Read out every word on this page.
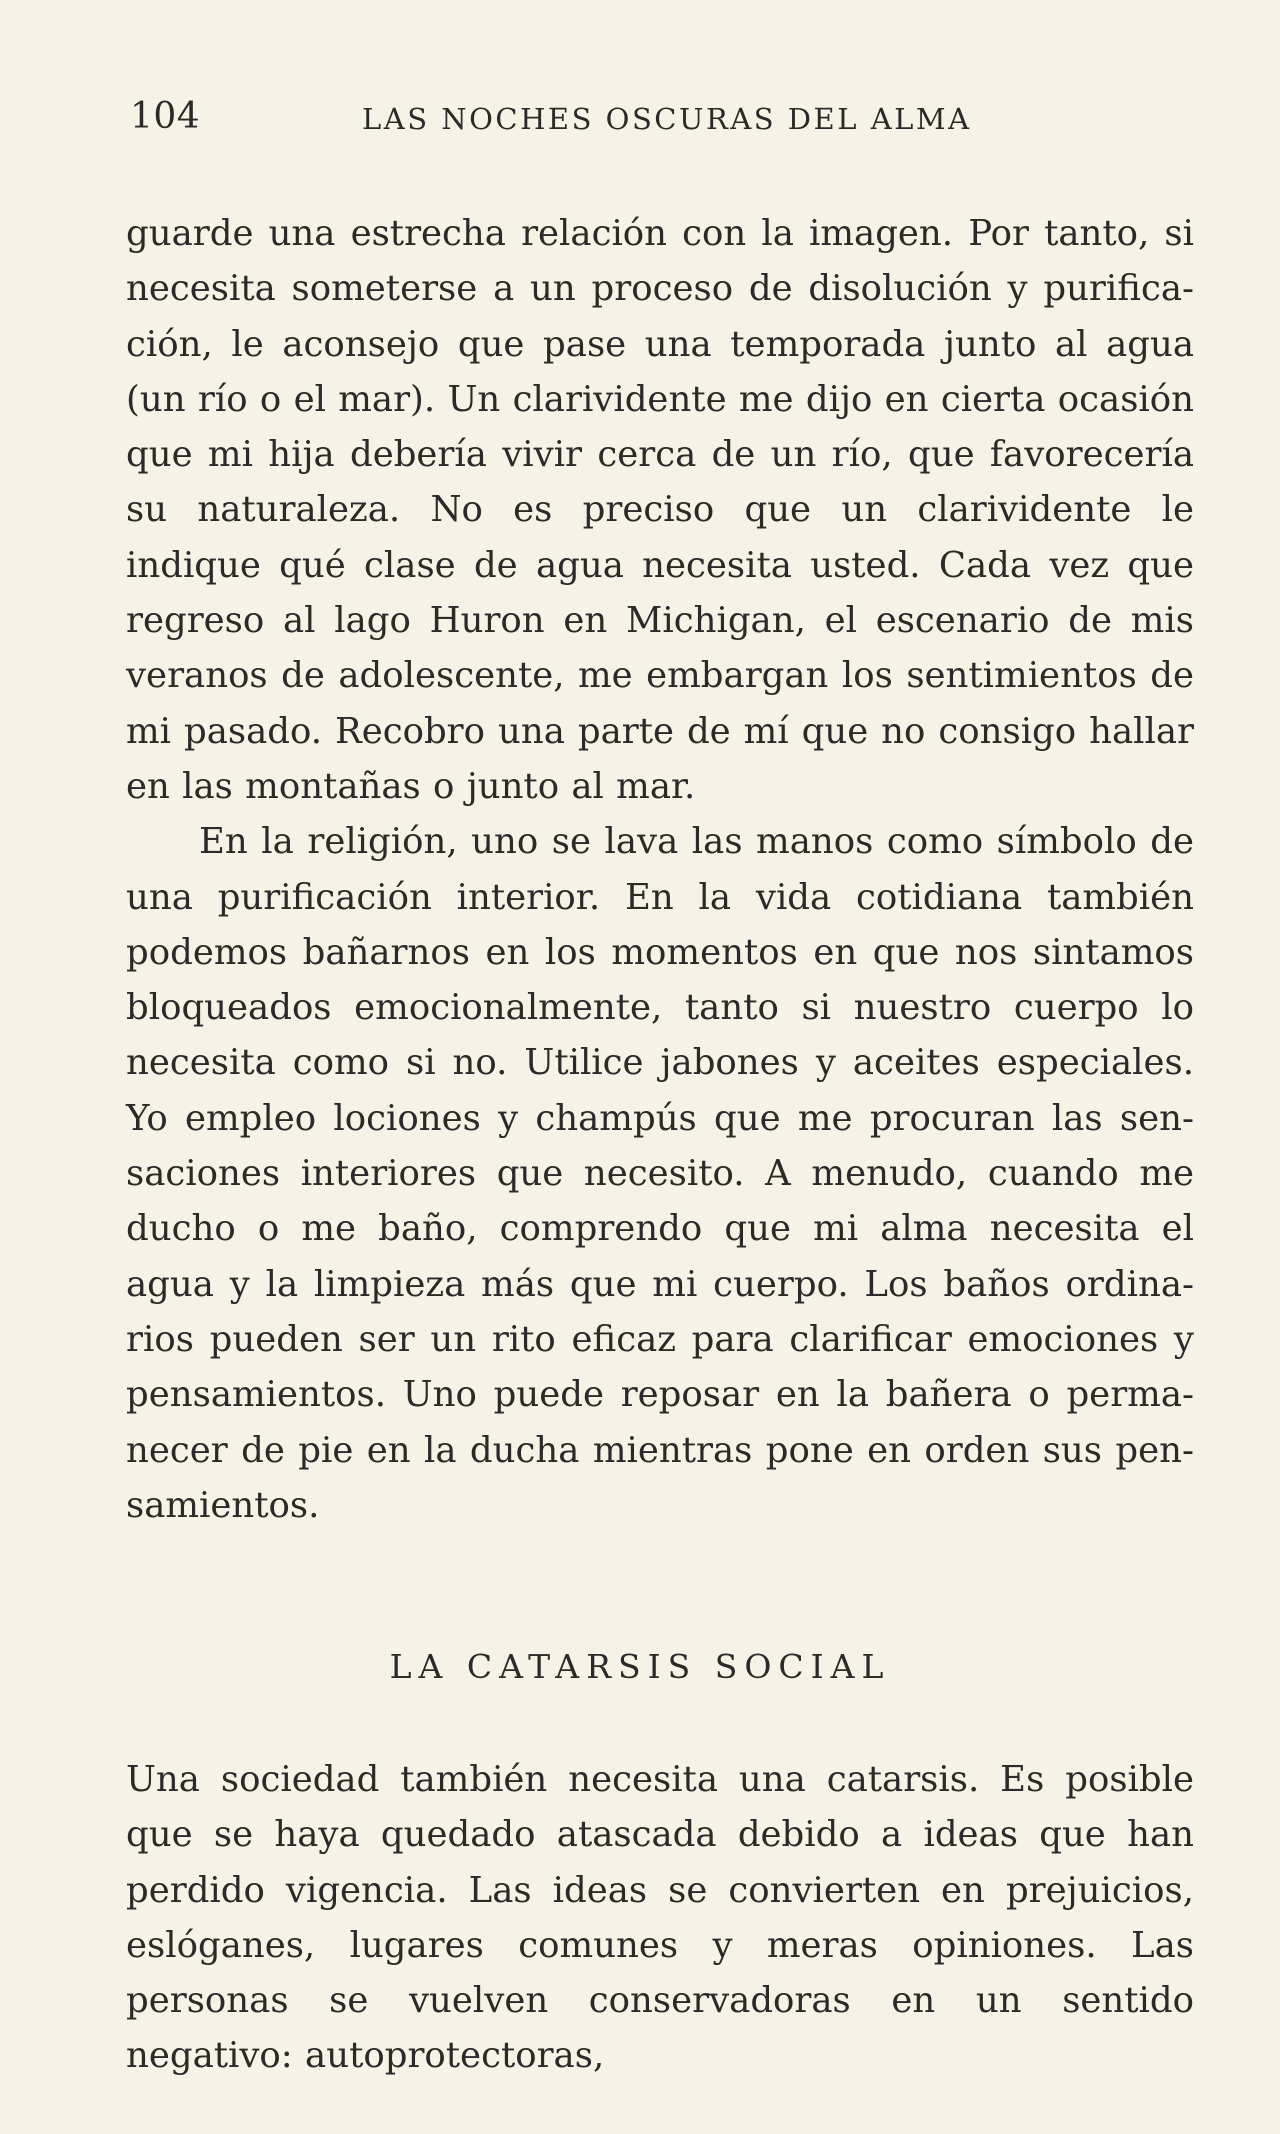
104	LAS NOCHES OSCURAS DEL ALMA

guarde una estrecha relación con la imagen. Por tanto, si necesita someterse a un proceso de disolución y purificación, le aconsejo que pase una temporada junto al agua (un río o el mar). Un clarividente me dijo en cierta ocasión que mi hija debería vivir cerca de un río, que favorecería su naturaleza. No es preciso que un clarividente le indique qué clase de agua necesita usted. Cada vez que regreso al lago Huron en Michigan, el escenario de mis veranos de adolescente, me embargan los sentimientos de mi pasado. Recobro una parte de mí que no consigo hallar en las montañas o junto al mar.

En la religión, uno se lava las manos como símbolo de una purificación interior. En la vida cotidiana también podemos bañarnos en los momentos en que nos sintamos bloqueados emocionalmente, tanto si nuestro cuerpo lo necesita como si no. Utilice jabones y aceites especiales. Yo empleo lociones y champús que me procuran las sensaciones interiores que necesito. A menudo, cuando me ducho o me baño, comprendo que mi alma necesita el agua y la limpieza más que mi cuerpo. Los baños ordinarios pueden ser un rito eficaz para clarificar emociones y pensamientos. Uno puede reposar en la bañera o permanecer de pie en la ducha mientras pone en orden sus pensamientos.

LA CATARSIS SOCIAL

Una sociedad también necesita una catarsis. Es posible que se haya quedado atascada debido a ideas que han perdido vigencia. Las ideas se convierten en prejuicios, eslóganes, lugares comunes y meras opiniones. Las personas se vuelven conservadoras en un sentido negativo: autoprotectoras,
